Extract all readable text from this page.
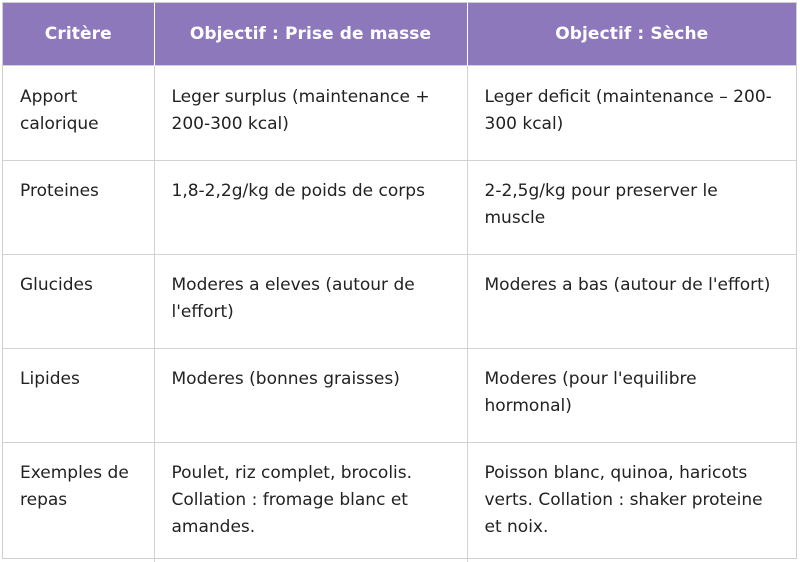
Critère	Objectif : Prise de masse	Objectif : Sèche
Apport calorique	Leger surplus (maintenance + 200-300 kcal)	Leger deficit (maintenance – 200-300 kcal)
Proteines	1,8-2,2g/kg de poids de corps	2-2,5g/kg pour preserver le muscle
Glucides	Moderes a eleves (autour de l'effort)	Moderes a bas (autour de l'effort)
Lipides	Moderes (bonnes graisses)	Moderes (pour l'equilibre hormonal)
Exemples de repas	Poulet, riz complet, brocolis. Collation : fromage blanc et amandes.	Poisson blanc, quinoa, haricots verts. Collation : shaker proteine et noix.
